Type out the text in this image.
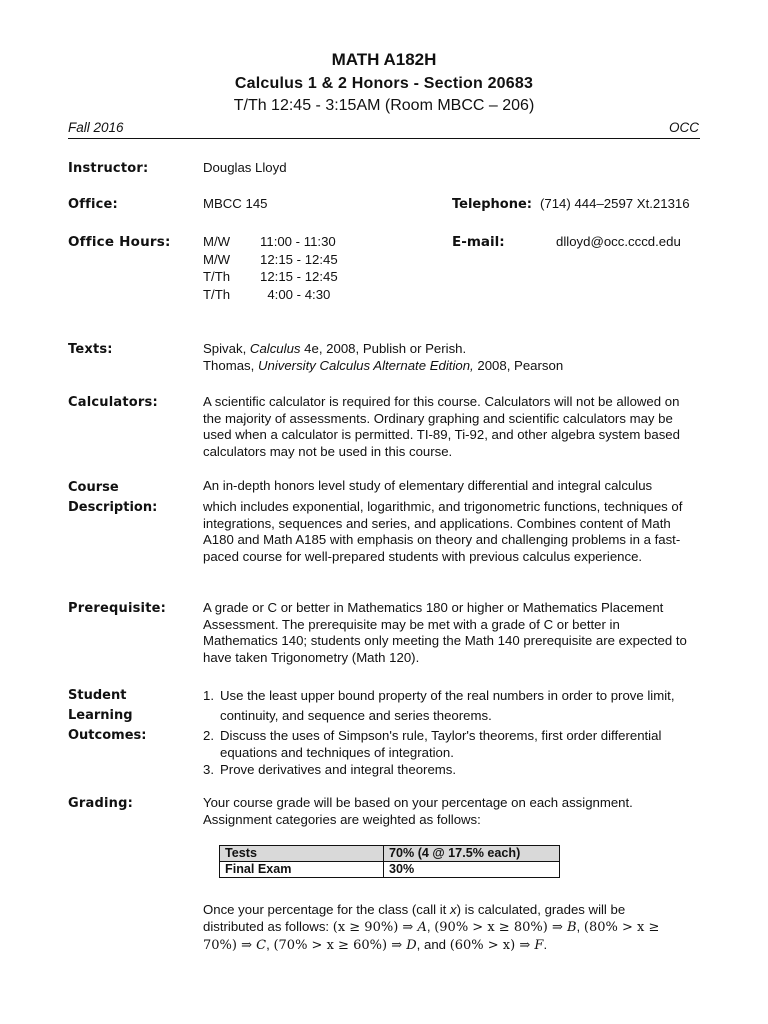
MATH A182H
Calculus 1 & 2 Honors - Section 20683
T/Th 12:45 - 3:15AM (Room MBCC – 206)
Fall 2016	OCC
Instructor:	Douglas Lloyd
Office:	MBCC 145	Telephone: (714) 444–2597 Xt.21316
Office Hours: M/W	11:00 - 11:30
M/W	12:15 - 12:45
T/Th	12:15 - 12:45
T/Th	4:00 - 4:30
E-mail:	dlloyd@occ.cccd.edu
Texts:	Spivak, Calculus 4e, 2008, Publish or Perish.
Thomas, University Calculus Alternate Edition, 2008, Pearson
Calculators:	A scientific calculator is required for this course. Calculators will not be allowed on the majority of assessments. Ordinary graphing and scientific calculators may be used when a calculator is permitted. TI-89, Ti-92, and other algebra system based calculators may not be used in this course.
Course
Description:
An in-depth honors level study of elementary differential and integral calculus
which includes exponential, logarithmic, and trigonometric functions, techniques of integrations, sequences and series, and applications. Combines content of Math A180 and Math A185 with emphasis on theory and challenging problems in a fast-paced course for well-prepared students with previous calculus experience.
Prerequisite:	A grade or C or better in Mathematics 180 or higher or Mathematics Placement Assessment. The prerequisite may be met with a grade of C or better in Mathematics 140; students only meeting the Math 140 prerequisite are expected to have taken Trigonometry (Math 120).
Student
Learning
Outcomes:
1. Use the least upper bound property of the real numbers in order to prove limit, continuity, and sequence and series theorems.
2. Discuss the uses of Simpson's rule, Taylor's theorems, first order differential equations and techniques of integration.
3. Prove derivatives and integral theorems.
Grading:	Your course grade will be based on your percentage on each assignment. Assignment categories are weighted as follows:
Tests	70% (4 @ 17.5% each)
Final Exam	30%
Once your percentage for the class (call it x) is calculated, grades will be distributed as follows: (x ≥ 90%) ⇒ A, (90% > x ≥ 80%) ⇒ B, (80% > x ≥ 70%) ⇒ C, (70% > x ≥ 60%) ⇒ D, and (60% > x) ⇒ F.
